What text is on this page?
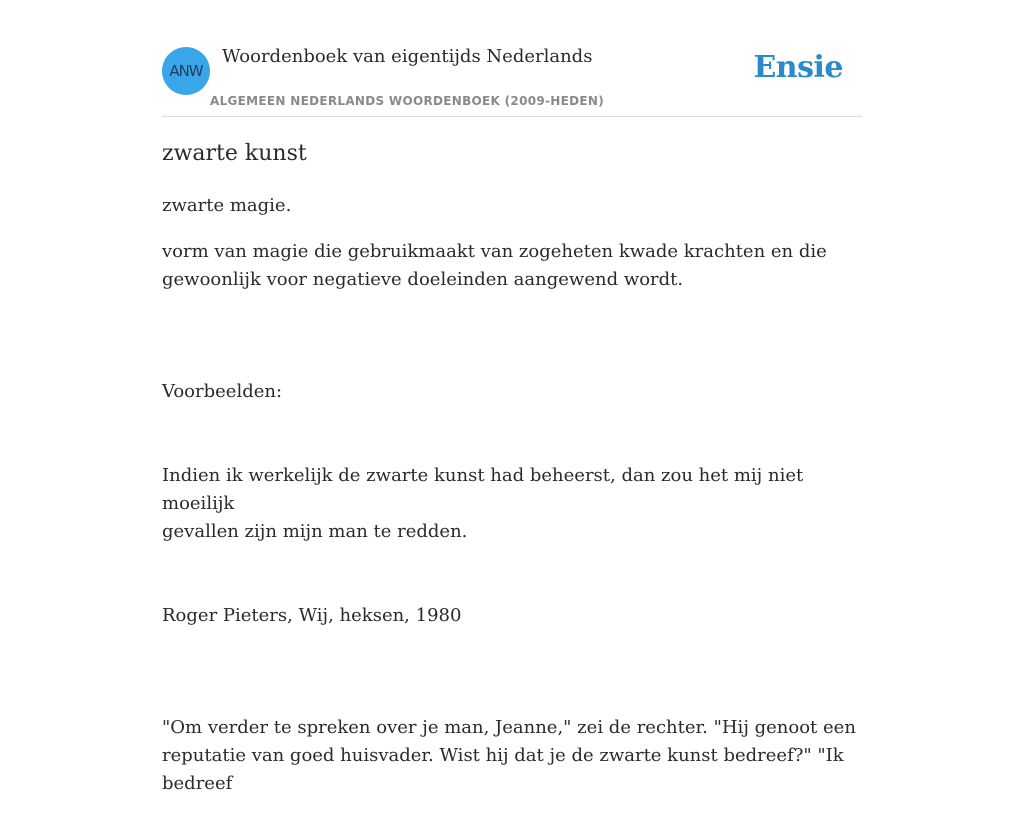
ANW
Woordenboek van eigentijds Nederlands
ALGEMEEN NEDERLANDS WOORDENBOEK (2009-HEDEN)
Ensie
zwarte kunst

zwarte magie.

vorm van magie die gebruikmaakt van zogeheten kwade krachten en die
gewoonlijk voor negatieve doeleinden aangewend wordt.

Voorbeelden:

Indien ik werkelijk de zwarte kunst had beheerst, dan zou het mij niet moeilijk
gevallen zijn mijn man te redden.

Roger Pieters, Wij, heksen, 1980

"Om verder te spreken over je man, Jeanne," zei de rechter. "Hij genoot een
reputatie van goed huisvader. Wist hij dat je de zwarte kunst bedreef?" "Ik bedreef
